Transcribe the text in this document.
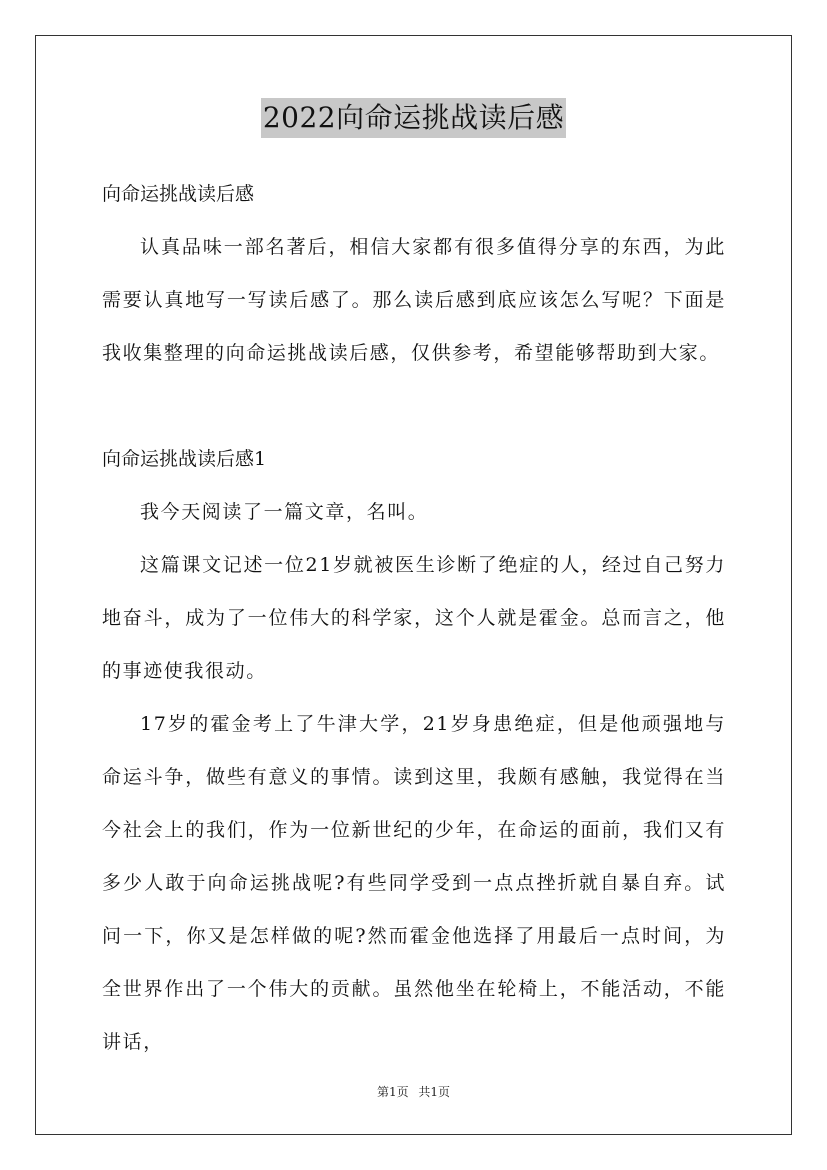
2022向命运挑战读后感

向命运挑战读后感

认真品味一部名著后，相信大家都有很多值得分享的东西，为此需要认真地写一写读后感了。那么读后感到底应该怎么写呢？下面是我收集整理的向命运挑战读后感，仅供参考，希望能够帮助到大家。

向命运挑战读后感1

我今天阅读了一篇文章，名叫。

这篇课文记述一位21岁就被医生诊断了绝症的人，经过自己努力地奋斗，成为了一位伟大的科学家，这个人就是霍金。总而言之，他的事迹使我很动。

17岁的霍金考上了牛津大学，21岁身患绝症，但是他顽强地与命运斗争，做些有意义的事情。读到这里，我颇有感触，我觉得在当今社会上的我们，作为一位新世纪的少年，在命运的面前，我们又有多少人敢于向命运挑战呢?有些同学受到一点点挫折就自暴自弃。试问一下，你又是怎样做的呢?然而霍金他选择了用最后一点时间，为全世界作出了一个伟大的贡献。虽然他坐在轮椅上，不能活动，不能讲话，

第1页 共1页
